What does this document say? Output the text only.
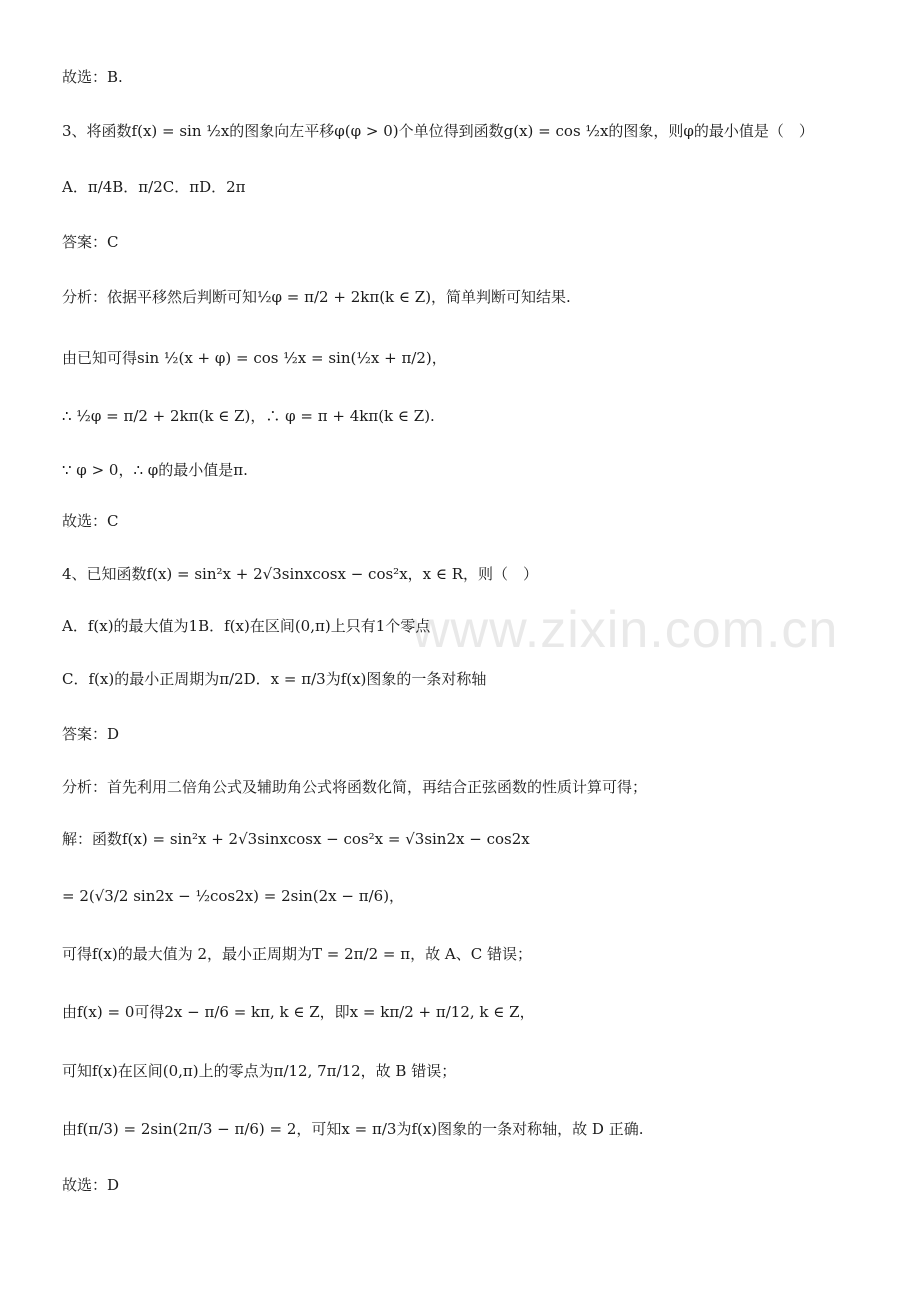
www.zixin.com.cn
故选：B.
3、将函数f(x) = sin ½x的图象向左平移φ(φ > 0)个单位得到函数g(x) = cos ½x的图象，则φ的最小值是（　）
A．π/4B．π/2C．πD．2π
答案：C
分析：依据平移然后判断可知½φ = π/2 + 2kπ(k ∈ Z)，简单判断可知结果.
由已知可得sin ½(x + φ) = cos ½x = sin(½x + π/2)，
∴ ½φ = π/2 + 2kπ(k ∈ Z)，∴ φ = π + 4kπ(k ∈ Z).
∵ φ > 0，∴ φ的最小值是π.
故选：C
4、已知函数f(x) = sin²x + 2√3sinxcosx − cos²x，x ∈ R，则（　）
A．f(x)的最大值为1B．f(x)在区间(0,π)上只有1个零点
C．f(x)的最小正周期为π/2D．x = π/3为f(x)图象的一条对称轴
答案：D
分析：首先利用二倍角公式及辅助角公式将函数化简，再结合正弦函数的性质计算可得；
解：函数f(x) = sin²x + 2√3sinxcosx − cos²x = √3sin2x − cos2x
= 2(√3/2 sin2x − ½cos2x) = 2sin(2x − π/6)，
可得f(x)的最大值为 2，最小正周期为T = 2π/2 = π，故 A、C 错误；
由f(x) = 0可得2x − π/6 = kπ, k ∈ Z，即x = kπ/2 + π/12, k ∈ Z，
可知f(x)在区间(0,π)上的零点为π/12, 7π/12，故 B 错误；
由f(π/3) = 2sin(2π/3 − π/6) = 2，可知x = π/3为f(x)图象的一条对称轴，故 D 正确.
故选：D
